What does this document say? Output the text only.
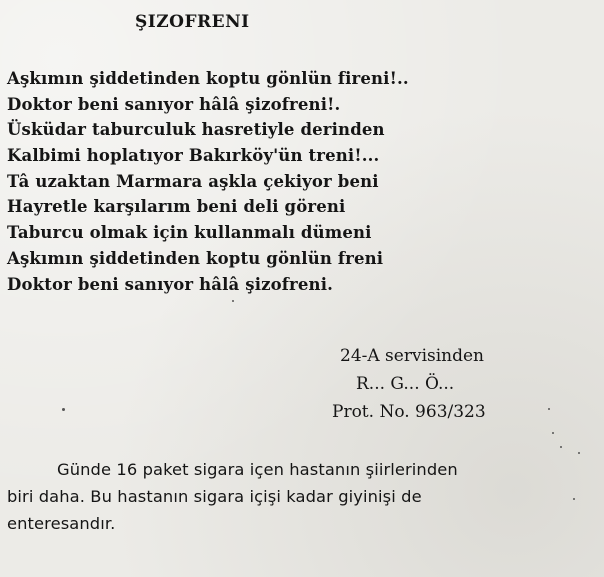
ŞIZOFRENI
Aşkımın şiddetinden koptu gönlün fireni!..
Doktor beni sanıyor hâlâ şizofreni!.
Üsküdar taburculuk hasretiyle derinden
Kalbimi hoplatıyor Bakırköy'ün treni!...
Tâ uzaktan Marmara aşkla çekiyor beni
Hayretle karşılarım beni deli göreni
Taburcu olmak için kullanmalı dümeni
Aşkımın şiddetinden koptu gönlün freni
Doktor beni sanıyor hâlâ şizofreni.
24-A servisinden
R... G... Ö...
Prot. No. 963/323
Günde 16 paket sigara içen hastanın şiirlerinden
biri daha. Bu hastanın sigara içişi kadar giyinişi de
enteresandır.
